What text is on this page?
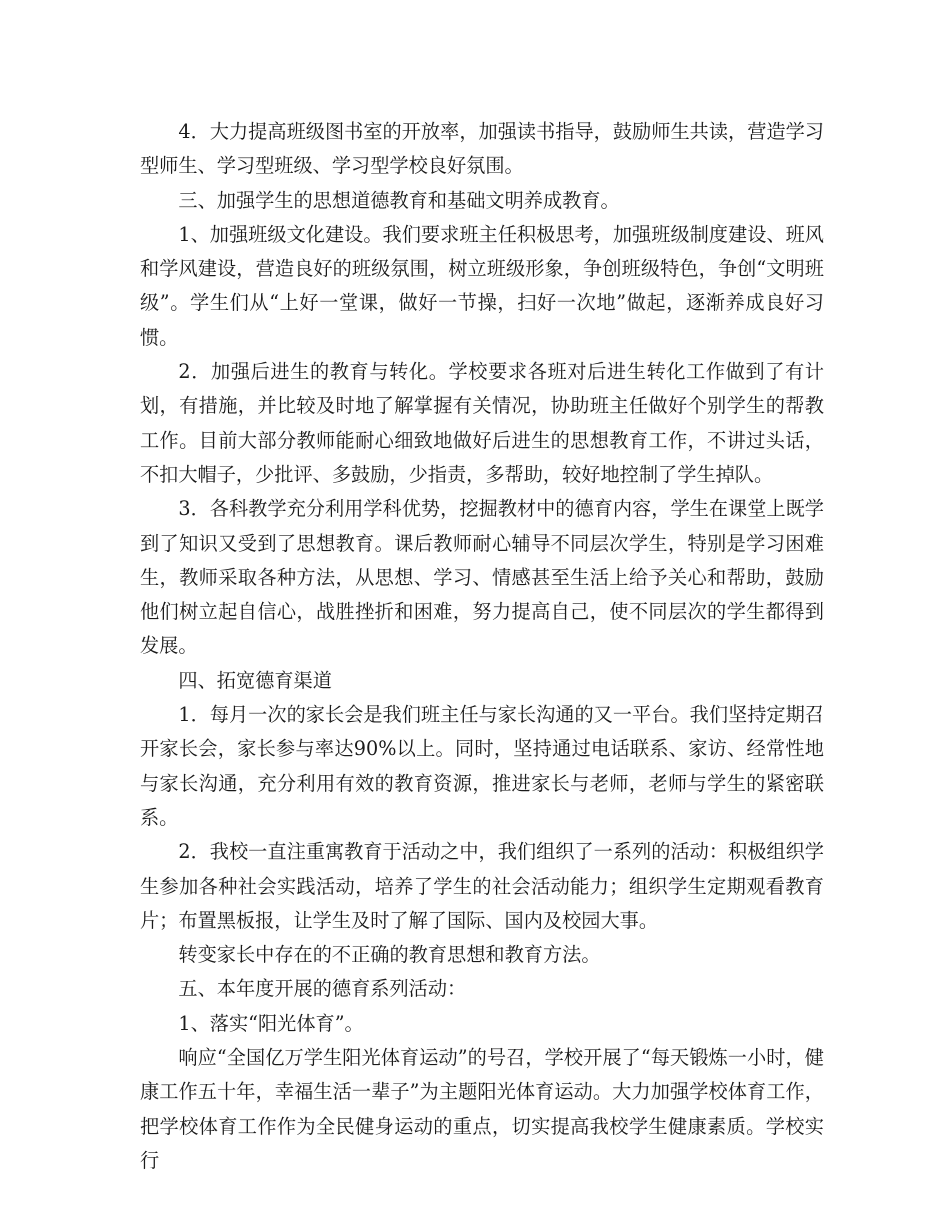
4．大力提高班级图书室的开放率，加强读书指导，鼓励师生共读，营造学习型师生、学习型班级、学习型学校良好氛围。

三、加强学生的思想道德教育和基础文明养成教育。

1、加强班级文化建设。我们要求班主任积极思考，加强班级制度建设、班风和学风建设，营造良好的班级氛围，树立班级形象，争创班级特色，争创“文明班级”。学生们从“上好一堂课，做好一节操，扫好一次地”做起，逐渐养成良好习惯。

2．加强后进生的教育与转化。学校要求各班对后进生转化工作做到了有计划，有措施，并比较及时地了解掌握有关情况，协助班主任做好个别学生的帮教工作。目前大部分教师能耐心细致地做好后进生的思想教育工作，不讲过头话，不扣大帽子，少批评、多鼓励，少指责，多帮助，较好地控制了学生掉队。

3．各科教学充分利用学科优势，挖掘教材中的德育内容，学生在课堂上既学到了知识又受到了思想教育。课后教师耐心辅导不同层次学生，特别是学习困难生，教师采取各种方法，从思想、学习、情感甚至生活上给予关心和帮助，鼓励他们树立起自信心，战胜挫折和困难，努力提高自己，使不同层次的学生都得到发展。

四、拓宽德育渠道

1．每月一次的家长会是我们班主任与家长沟通的又一平台。我们坚持定期召开家长会，家长参与率达90%以上。同时，坚持通过电话联系、家访、经常性地与家长沟通，充分利用有效的教育资源，推进家长与老师，老师与学生的紧密联系。

2．我校一直注重寓教育于活动之中，我们组织了一系列的活动：积极组织学生参加各种社会实践活动，培养了学生的社会活动能力；组织学生定期观看教育片；布置黑板报，让学生及时了解了国际、国内及校园大事。

转变家长中存在的不正确的教育思想和教育方法。

五、本年度开展的德育系列活动：

1、落实“阳光体育”。

响应“全国亿万学生阳光体育运动”的号召，学校开展了“每天锻炼一小时，健康工作五十年，幸福生活一辈子”为主题阳光体育运动。大力加强学校体育工作，把学校体育工作作为全民健身运动的重点，切实提高我校学生健康素质。学校实行
